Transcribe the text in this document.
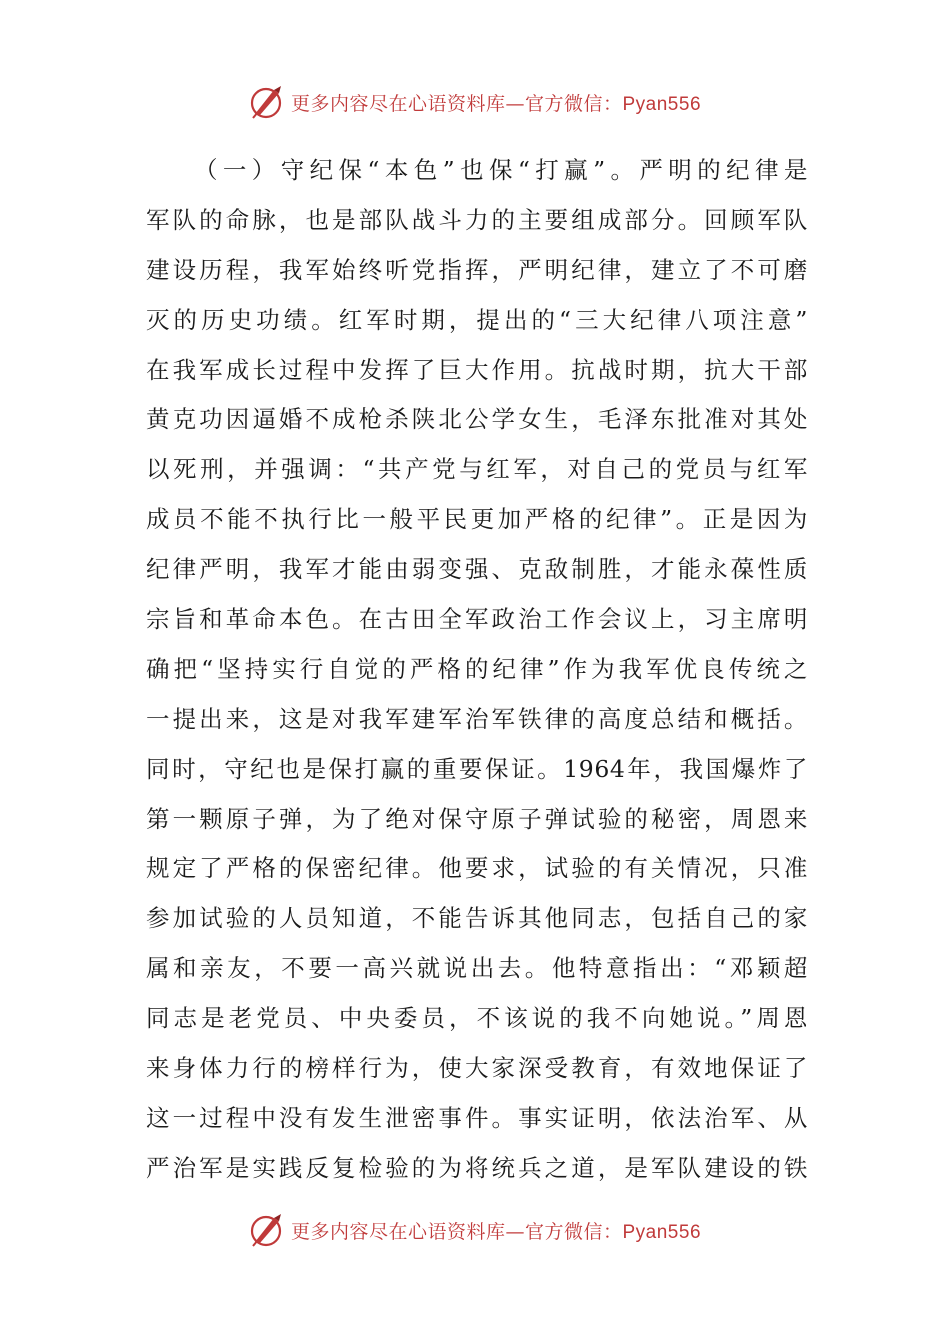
更多内容尽在心语资料库—官方微信：Pyan556
（一）守纪保“本色”也保“打赢”。严明的纪律是
军队的命脉，也是部队战斗力的主要组成部分。回顾军队
建设历程，我军始终听党指挥，严明纪律，建立了不可磨
灭的历史功绩。红军时期，提出的“三大纪律八项注意”
在我军成长过程中发挥了巨大作用。抗战时期，抗大干部
黄克功因逼婚不成枪杀陕北公学女生，毛泽东批准对其处
以死刑，并强调：“共产党与红军，对自己的党员与红军
成员不能不执行比一般平民更加严格的纪律”。正是因为
纪律严明，我军才能由弱变强、克敌制胜，才能永葆性质
宗旨和革命本色。在古田全军政治工作会议上，习主席明
确把“坚持实行自觉的严格的纪律”作为我军优良传统之
一提出来，这是对我军建军治军铁律的高度总结和概括。
同时，守纪也是保打赢的重要保证。1964年，我国爆炸了
第一颗原子弹，为了绝对保守原子弹试验的秘密，周恩来
规定了严格的保密纪律。他要求，试验的有关情况，只准
参加试验的人员知道，不能告诉其他同志，包括自己的家
属和亲友，不要一高兴就说出去。他特意指出：“邓颖超
同志是老党员、中央委员，不该说的我不向她说。”周恩
来身体力行的榜样行为，使大家深受教育，有效地保证了
这一过程中没有发生泄密事件。事实证明，依法治军、从
严治军是实践反复检验的为将统兵之道，是军队建设的铁
更多内容尽在心语资料库—官方微信：Pyan556
